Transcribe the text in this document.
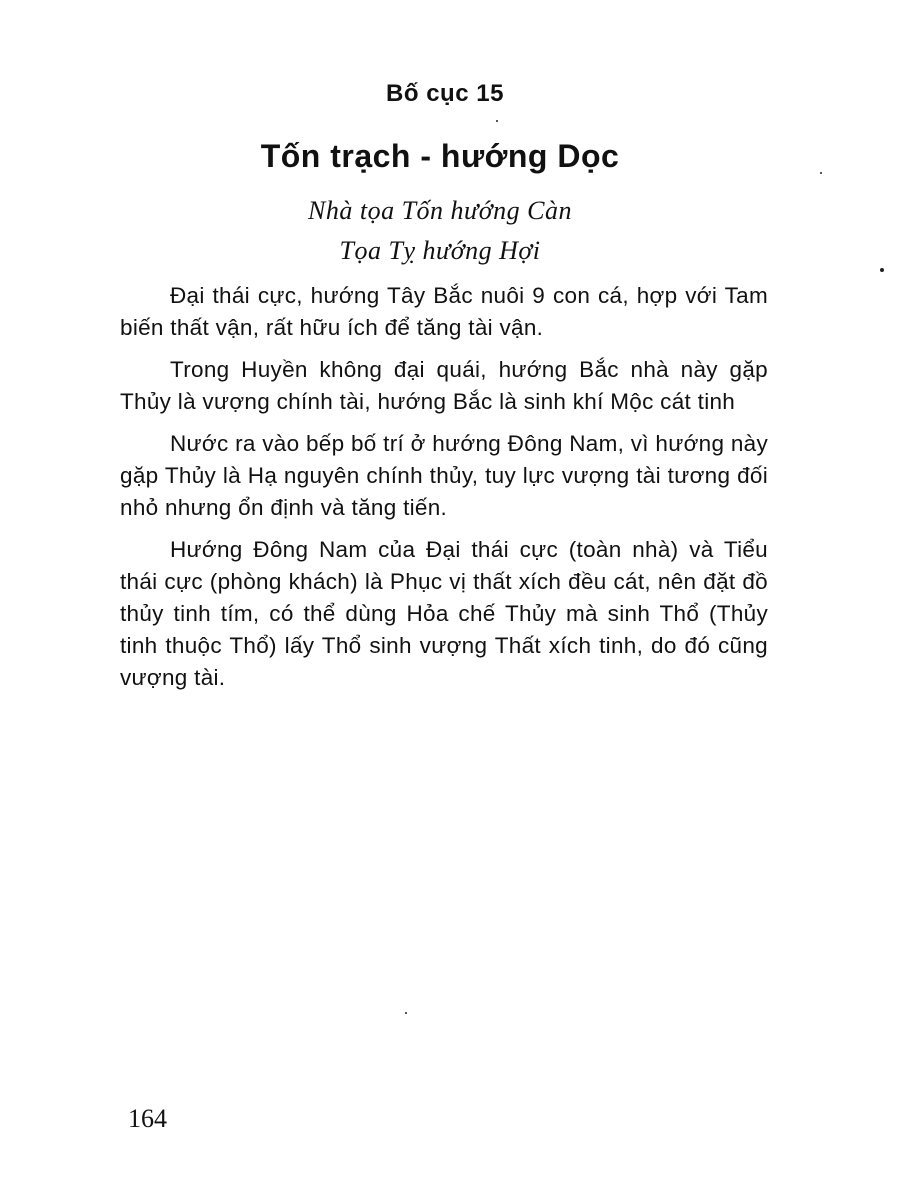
Bố cục 15
Tốn trạch - hướng Dọc
Nhà tọa Tốn hướng Càn
Tọa Tỵ hướng Hợi

Đại thái cực, hướng Tây Bắc nuôi 9 con cá, hợp với Tam biến thất vận, rất hữu ích để tăng tài vận.

Trong Huyền không đại quái, hướng Bắc nhà này gặp Thủy là vượng chính tài, hướng Bắc là sinh khí Mộc cát tinh

Nước ra vào bếp bố trí ở hướng Đông Nam, vì hướng này gặp Thủy là Hạ nguyên chính thủy, tuy lực vượng tài tương đối nhỏ nhưng ổn định và tăng tiến.

Hướng Đông Nam của Đại thái cực (toàn nhà) và Tiểu thái cực (phòng khách) là Phục vị thất xích đều cát, nên đặt đồ thủy tinh tím, có thể dùng Hỏa chế Thủy mà sinh Thổ (Thủy tinh thuộc Thổ) lấy Thổ sinh vượng Thất xích tinh, do đó cũng vượng tài.

164
